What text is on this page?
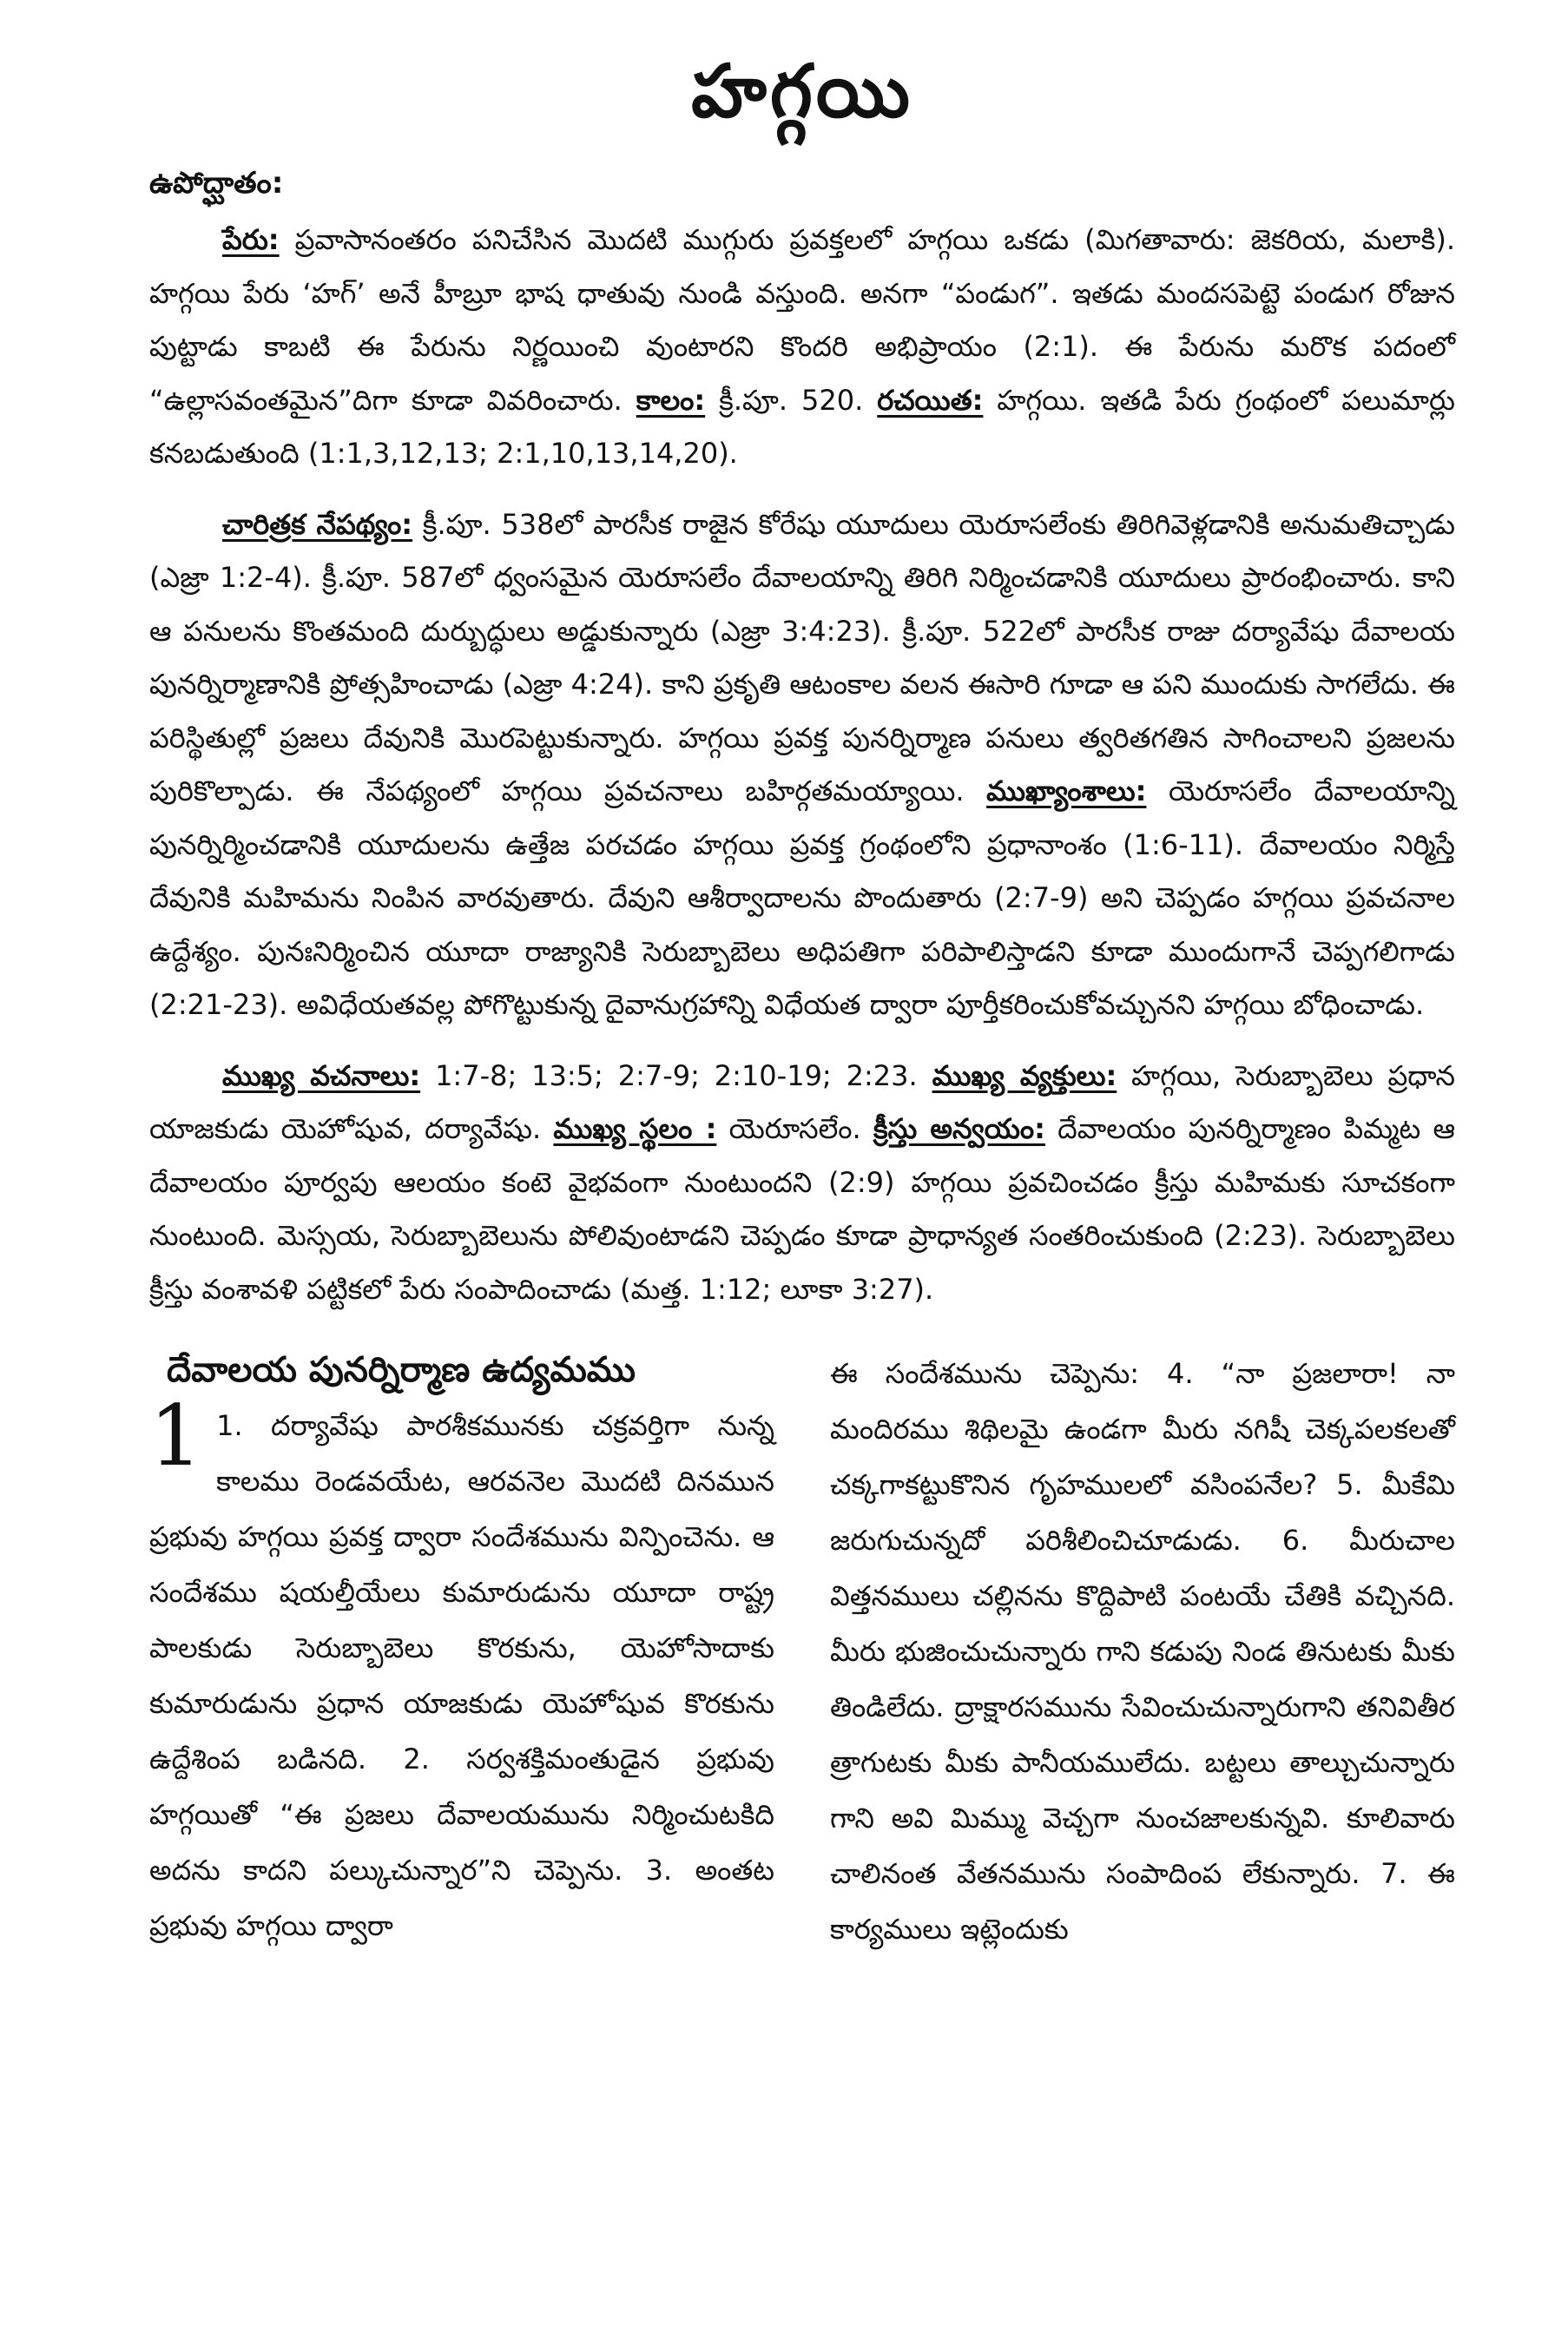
హగ్గయి
ఉపోద్ఘాతం:

పేరు: ప్రవాసానంతరం పనిచేసిన మొదటి ముగ్గురు ప్రవక్తలలో హగ్గయి ఒకడు (మిగతావారు: జెకరియ, మలాకి). హగ్గయి పేరు ‘హగ్’ అనే హీబ్రూ భాష ధాతువు నుండి వస్తుంది. అనగా “పండుగ”. ఇతడు మందసపెట్టె పండుగ రోజున పుట్టాడు కాబటి ఈ పేరును నిర్ణయించి వుంటారని కొందరి అభిప్రాయం (2:1). ఈ పేరును మరొక పదంలో “ఉల్లాసవంతమైన”దిగా కూడా వివరించారు. కాలం: క్రీ.పూ. 520. రచయిత: హగ్గయి. ఇతడి పేరు గ్రంథంలో పలుమార్లు కనబడుతుంది (1:1,3,12,13; 2:1,10,13,14,20).

చారిత్రక నేపథ్యం: క్రీ.పూ. 538లో పారసీక రాజైన కోరేషు యూదులు యెరూసలేంకు తిరిగివెళ్లడానికి అనుమతిచ్చాడు (ఎజ్రా 1:2-4). క్రీ.పూ. 587లో ధ్వంసమైన యెరూసలేం దేవాలయాన్ని తిరిగి నిర్మించడానికి యూదులు ప్రారంభించారు. కాని ఆ పనులను కొంతమంది దుర్బుద్ధులు అడ్డుకున్నారు (ఎజ్రా 3:4:23). క్రీ.పూ. 522లో పారసీక రాజు దర్యావేషు దేవాలయ పునర్నిర్మాణానికి ప్రోత్సహించాడు (ఎజ్రా 4:24). కాని ప్రకృతి ఆటంకాల వలన ఈసారి గూడా ఆ పని ముందుకు సాగలేదు. ఈ పరిస్థితుల్లో ప్రజలు దేవునికి మొరపెట్టుకున్నారు. హగ్గయి ప్రవక్త పునర్నిర్మాణ పనులు త్వరితగతిన సాగించాలని ప్రజలను పురికొల్పాడు. ఈ నేపథ్యంలో హగ్గయి ప్రవచనాలు బహిర్గతమయ్యాయి. ముఖ్యాంశాలు: యెరూసలేం దేవాలయాన్ని పునర్నిర్మించడానికి యూదులను ఉత్తేజ పరచడం హగ్గయి ప్రవక్త గ్రంథంలోని ప్రధానాంశం (1:6-11). దేవాలయం నిర్మిస్తే దేవునికి మహిమను నింపిన వారవుతారు. దేవుని ఆశీర్వాదాలను పొందుతారు (2:7-9) అని చెప్పడం హగ్గయి ప్రవచనాల ఉద్దేశ్యం. పునఃనిర్మించిన యూదా రాజ్యానికి సెరుబ్బాబెలు అధిపతిగా పరిపాలిస్తాడని కూడా ముందుగానే చెప్పగలిగాడు (2:21-23). అవిధేయతవల్ల పోగొట్టుకున్న దైవానుగ్రహాన్ని విధేయత ద్వారా పూర్తీకరించుకోవచ్చునని హగ్గయి బోధించాడు.

ముఖ్య వచనాలు: 1:7-8; 13:5; 2:7-9; 2:10-19; 2:23. ముఖ్య వ్యక్తులు: హగ్గయి, సెరుబ్బాబెలు ప్రధాన యాజకుడు యెహోషువ, దర్యావేషు. ముఖ్య స్థలం : యెరూసలేం. క్రీస్తు అన్వయం: దేవాలయం పునర్నిర్మాణం పిమ్మట ఆ దేవాలయం పూర్వపు ఆలయం కంటె వైభవంగా నుంటుందని (2:9) హగ్గయి ప్రవచించడం క్రీస్తు మహిమకు సూచకంగా నుంటుంది. మెస్సయ, సెరుబ్బాబెలును పోలివుంటాడని చెప్పడం కూడా ప్రాధాన్యత సంతరించుకుంది (2:23). సెరుబ్బాబెలు క్రీస్తు వంశావళి పట్టికలో పేరు సంపాదించాడు (మత్త. 1:12; లూకా 3:27).

దేవాలయ పునర్నిర్మాణ ఉద్యమము

1 1. దర్యావేషు పారశీకమునకు చక్రవర్తిగా నున్న కాలము రెండవయేట, ఆరవనెల మొదటి దినమున ప్రభువు హగ్గయి ప్రవక్త ద్వారా సందేశమును విన్పించెను. ఆ సందేశము షయల్తీయేలు కుమారుడును యూదా రాష్ట్ర పాలకుడు సెరుబ్బాబెలు కొరకును, యెహోసాదాకు కుమారుడును ప్రధాన యాజకుడు యెహోషువ కొరకును ఉద్దేశింప బడినది. 2. సర్వశక్తిమంతుడైన ప్రభువు హగ్గయితో “ఈ ప్రజలు దేవాలయమును నిర్మించుటకిది అదను కాదని పల్కుచున్నార”ని చెప్పెను. 3. అంతట ప్రభువు హగ్గయి ద్వారా

ఈ సందేశమును చెప్పెను: 4. “నా ప్రజలారా! నా మందిరము శిథిలమై ఉండగా మీరు నగిషీ చెక్కపలకలతో చక్కగాకట్టుకొనిన గృహములలో వసింపనేల? 5. మీకేమి జరుగుచున్నదో పరిశీలించిచూడుడు. 6. మీరుచాల విత్తనములు చల్లినను కొద్దిపాటి పంటయే చేతికి వచ్చినది. మీరు భుజించుచున్నారు గాని కడుపు నిండ తినుటకు మీకు తిండిలేదు. ద్రాక్షారసమును సేవించుచున్నారుగాని తనివితీర త్రాగుటకు మీకు పానీయములేదు. బట్టలు తాల్చుచున్నారు గాని అవి మిమ్ము వెచ్చగా నుంచజాలకున్నవి. కూలివారు చాలినంత వేతనమును సంపాదింప లేకున్నారు. 7. ఈ కార్యములు ఇట్లెందుకు
